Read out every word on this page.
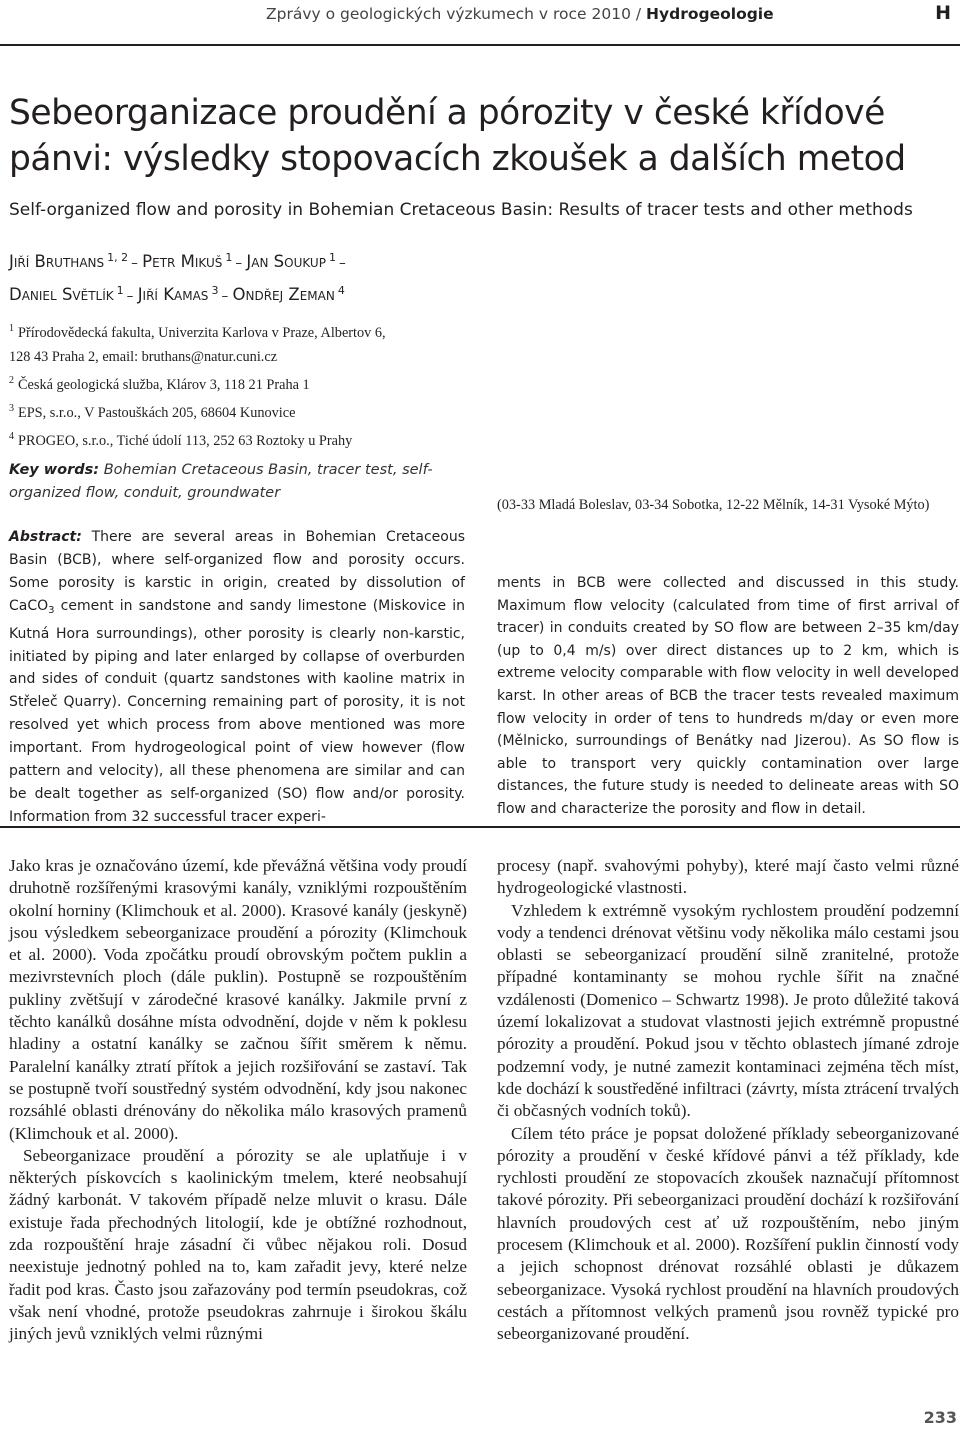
Zprávy o geologických výzkumech v roce 2010 / Hydrogeologie	H
Sebeorganizace proudění a pórozity v české křídové pánvi: výsledky stopovacích zkoušek a dalších metod
Self-organized flow and porosity in Bohemian Cretaceous Basin: Results of tracer tests and other methods
Jiří Bruthans $^{1, 2}$ – Petr Mikuš $^1$ – Jan Soukup $^1$ –
Daniel Světlík $^1$ – Jiří Kamas $^3$ – Ondřej Zeman $^4$
$^1$ Přírodovědecká fakulta, Univerzita Karlova v Praze, Albertov 6,
128 43 Praha 2, email: bruthans@natur.cuni.cz
$^2$ Česká geologická služba, Klárov 3, 118 21 Praha 1
$^3$ EPS, s.r.o., V Pastouškách 205, 68604 Kunovice
$^4$ PROGEO, s.r.o., Tiché údolí 113, 252 63 Roztoky u Prahy
Key words: Bohemian Cretaceous Basin, tracer test, self-organized flow, conduit, groundwater
Abstract: There are several areas in Bohemian Cretaceous Basin (BCB), where self-organized flow and porosity occurs. Some porosity is karstic in origin, created by dissolution of CaCO$_3$ cement in sandstone and sandy limestone (Miskovice in Kutná Hora surroundings), other porosity is clearly non-karstic, initiated by piping and later enlarged by collapse of overburden and sides of conduit (quartz sandstones with kaoline matrix in Střeleč Quarry). Concerning remaining part of porosity, it is not resolved yet which process from above mentioned was more important. From hydrogeological point of view however (flow pattern and velocity), all these phenomena are similar and can be dealt together as self-organized (SO) flow and/or porosity. Information from 32 successful tracer experi-
(03-33 Mladá Boleslav, 03-34 Sobotka, 12-22 Mělník, 14-31 Vysoké Mýto)
ments in BCB were collected and discussed in this study. Maximum flow velocity (calculated from time of first arrival of tracer) in conduits created by SO flow are between 2–35 km/day (up to 0,4 m/s) over direct distances up to 2 km, which is extreme velocity comparable with flow velocity in well developed karst. In other areas of BCB the tracer tests revealed maximum flow velocity in order of tens to hundreds m/day or even more (Mělnicko, surroundings of Benátky nad Jizerou). As SO flow is able to transport very quickly contamination over large distances, the future study is needed to delineate areas with SO flow and characterize the porosity and flow in detail.

Jako kras je označováno území, kde převážná většina vody proudí druhotně rozšířenými krasovými kanály, vzniklými rozpouštěním okolní horniny (Klimchouk et al. 2000). Krasové kanály (jeskyně) jsou výsledkem sebeorganizace proudění a pórozity (Klimchouk et al. 2000). Voda zpočátku proudí obrovským počtem puklin a mezivrstevních ploch (dále puklin). Postupně se rozpouštěním pukliny zvětšují v zárodečné krasové kanálky. Jakmile první z těchto kanálků dosáhne místa odvodnění, dojde v něm k poklesu hladiny a ostatní kanálky se začnou šířit směrem k němu. Paralelní kanálky ztratí přítok a jejich rozšiřování se zastaví. Tak se postupně tvoří soustředný systém odvodnění, kdy jsou nakonec rozsáhlé oblasti drénovány do několika málo krasových pramenů (Klimchouk et al. 2000).

Sebeorganizace proudění a pórozity se ale uplatňuje i v některých pískovcích s kaolinickým tmelem, které neobsahují žádný karbonát. V takovém případě nelze mluvit o krasu. Dále existuje řada přechodných litologií, kde je obtížné rozhodnout, zda rozpouštění hraje zásadní či vůbec nějakou roli. Dosud neexistuje jednotný pohled na to, kam zařadit jevy, které nelze řadit pod kras. Často jsou zařazovány pod termín pseudokras, což však není vhodné, protože pseudokras zahrnuje i širokou škálu jiných jevů vzniklých velmi různými

procesy (např. svahovými pohyby), které mají často velmi různé hydrogeologické vlastnosti.

Vzhledem k extrémně vysokým rychlostem proudění podzemní vody a tendenci drénovat většinu vody několika málo cestami jsou oblasti se sebeorganizací proudění silně zranitelné, protože případné kontaminanty se mohou rychle šířit na značné vzdálenosti (Domenico – Schwartz 1998). Je proto důležité taková území lokalizovat a studovat vlastnosti jejich extrémně propustné pórozity a proudění. Pokud jsou v těchto oblastech jímané zdroje podzemní vody, je nutné zamezit kontaminaci zejména těch míst, kde dochází k soustředěné infiltraci (závrty, místa ztrácení trvalých či občasných vodních toků).

Cílem této práce je popsat doložené příklady sebeorganizované pórozity a proudění v české křídové pánvi a též příklady, kde rychlosti proudění ze stopovacích zkoušek naznačují přítomnost takové pórozity. Při sebeorganizaci proudění dochází k rozšiřování hlavních proudových cest ať už rozpouštěním, nebo jiným procesem (Klimchouk et al. 2000). Rozšíření puklin činností vody a jejich schopnost drénovat rozsáhlé oblasti je důkazem sebeorganizace. Vysoká rychlost proudění na hlavních proudových cestách a přítomnost velkých pramenů jsou rovněž typické pro sebeorganizované proudění.

233
